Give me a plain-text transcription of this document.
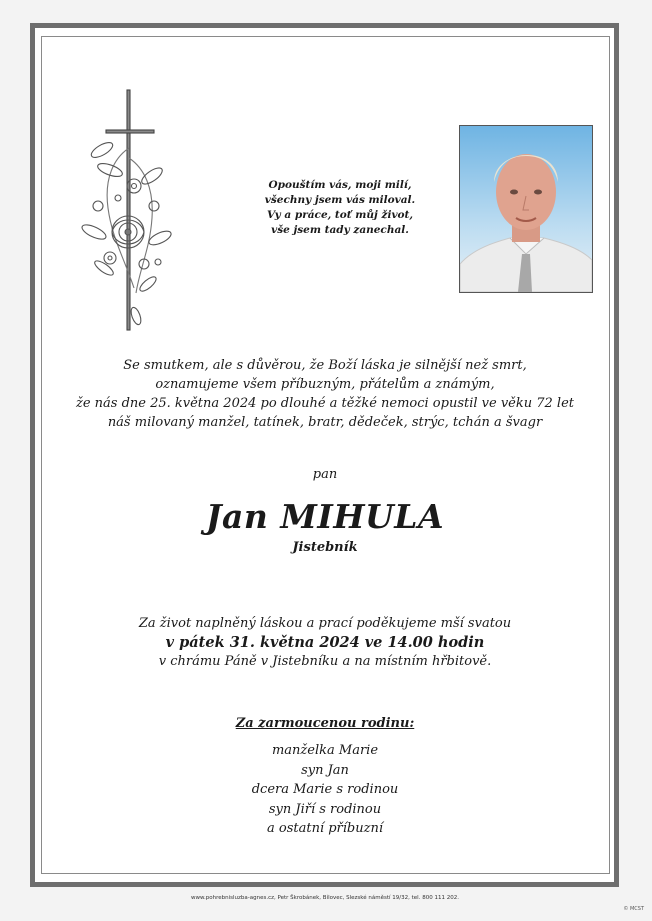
Opouštím vás, moji milí,
všechny jsem vás miloval.
Vy a práce, toť můj život,
vše jsem tady zanechal.
Se smutkem, ale s důvěrou, že Boží láska je silnější než smrt,
oznamujeme všem příbuzným, přátelům a známým,
že nás dne 25. května 2024 po dlouhé a těžké nemoci opustil ve věku 72 let
náš milovaný manžel, tatínek, bratr, dědeček, strýc, tchán a švagr
pan
Jan MIHULA
Jistebník
Za život naplněný láskou a prací poděkujeme mší svatou
v pátek 31. května 2024 ve 14.00 hodin
v chrámu Páně v Jistebníku a na místním hřbitově.
Za zarmoucenou rodinu:
manželka Marie
syn Jan
dcera Marie s rodinou
syn Jiří s rodinou
a ostatní příbuzní
www.pohrebnisluzba-agnes.cz, Petr Škrobánek, Bílovec, Slezské náměstí 19/32, tel. 800 111 202.
© MCST
